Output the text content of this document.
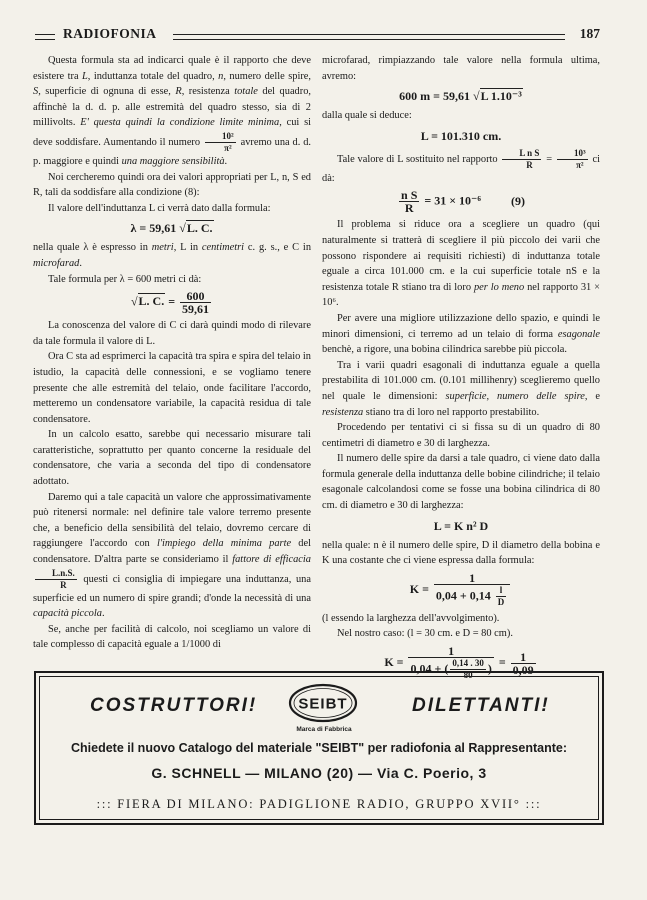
RADIOFONIA	187

Questa formula sta ad indicarci quale è il rapporto che deve esistere tra L, induttanza totale del quadro, n, numero delle spire, S, superficie di ognuna di esse, R, resistenza totale del quadro, affinchè la d. d. p. alle estremità del quadro stesso, sia di 2 millivolts. E' questa quindi la condizione limite minima, cui si deve soddisfare. Aumentando il numero $\frac{\text{10²}}{\text{π²}}$ avremo una d. d. p. maggiore e quindi una maggiore sensibilità.

Noi cercheremo quindi ora dei valori appropriati per L, n, S ed R, tali da soddisfare alla condizione (8):

Il valore dell'induttanza L ci verrà dato dalla formula:

λ = 59,61 √L. C.

nella quale λ è espresso in metri, L in centimetri c. g. s., e C in microfarad.

Tale formula per λ = 600 metri ci dà:

√L. C. = $\frac{600}{59,61}$

La conoscenza del valore di C ci darà quindi modo di rilevare da tale formula il valore di L.

Ora C sta ad esprimerci la capacità tra spira e spira del telaio in istudio, la capacità delle connessioni, e se vogliamo tenere presente che alle estremità del telaio, onde facilitare l'accordo, metteremo un condensatore variabile, la capacità residua di tale condensatore.

In un calcolo esatto, sarebbe qui necessario misurare tali caratteristiche, soprattutto per quanto concerne la residuale del condensatore, che varia a seconda del tipo di condensatore adottato.

Daremo qui a tale capacità un valore che approssimativamente può ritenersi normale: nel definire tale valore terremo presente che, a beneficio della sensibilità del telaio, dovremo cercare di raggiungere l'accordo con l'impiego della minima parte del condensatore. D'altra parte se consideriamo il fattore di efficacia
$\frac{L.n.S.}{R}$ questi ci consiglia di impiegare una induttanza, una superficie ed un numero di spire grandi; d'onde la necessità di una capacità piccola.

Se, anche per facilità di calcolo, noi scegliamo un valore di tale complesso di capacità eguale a 1/1000 di

microfarad, rimpiazzando tale valore nella formula ultima, avremo:

600 m = 59,61 √L 1.10⁻³

dalla quale si deduce:

L = 101.310 cm.

Tale valore di L sostituito nel rapporto $\frac{\text{L n S}}{R} = \frac{\text{10³}}{\text{π²}}$ ci dà:

$\frac{\text{n S}}{R} = 31 \times 10^{-6}$	(9)

Il problema si riduce ora a scegliere un quadro (qui naturalmente si tratterà di scegliere il più piccolo dei varii che possono rispondere ai requisiti richiesti) di induttanza totale eguale a circa 101.000 cm. e la cui superficie totale nS e la resistenza totale R stiano tra di loro per lo meno nel rapporto 31 × 10⁶.

Per avere una migliore utilizzazione dello spazio, e quindi le minori dimensioni, ci terremo ad un telaio di forma esagonale benchè, a rigore, una bobina cilindrica sarebbe più piccola.

Tra i varii quadri esagonali di induttanza eguale a quella prestabilita di 101.000 cm. (0.101 millihenry) sceglieremo quello nel quale le dimensioni: superficie, numero delle spire, e resistenza stiano tra di loro nel rapporto prestabilito.

Procedendo per tentativi ci si fissa su di un quadro di 80 centimetri di diametro e 30 di larghezza.

Il numero delle spire da darsi a tale quadro, ci viene dato dalla formula generale della induttanza delle bobine cilindriche; il telaio esagonale calcolandosi come se fosse una bobina cilindrica di 80 cm. di diametro e 30 di larghezza:

L = K n² D

nella quale: n è il numero delle spire, D il diametro della bobina e K una costante che ci viene espressa dalla formula:

$K = \frac{1}{0,04 + 0,14 \frac{l}{D}}$

(l essendo la larghezza dell'avvolgimento).

Nel nostro caso: (l = 30 cm. e D = 80 cm).

$K = \frac{1}{0,04 + ( \frac{0,14 . 30}{80} )} = \frac{1}{0,09}$

COSTRUTTORI!	SEIBT
Marca di Fabbrica
DILETTANTI!
Chiedete il nuovo Catalogo del materiale "SEIBT" per radiofonia al Rappresentante:
G. SCHNELL — MILANO (20) — Via C. Poerio, 3
::: FIERA DI MILANO: PADIGLIONE RADIO, GRUPPO XVII° :::
